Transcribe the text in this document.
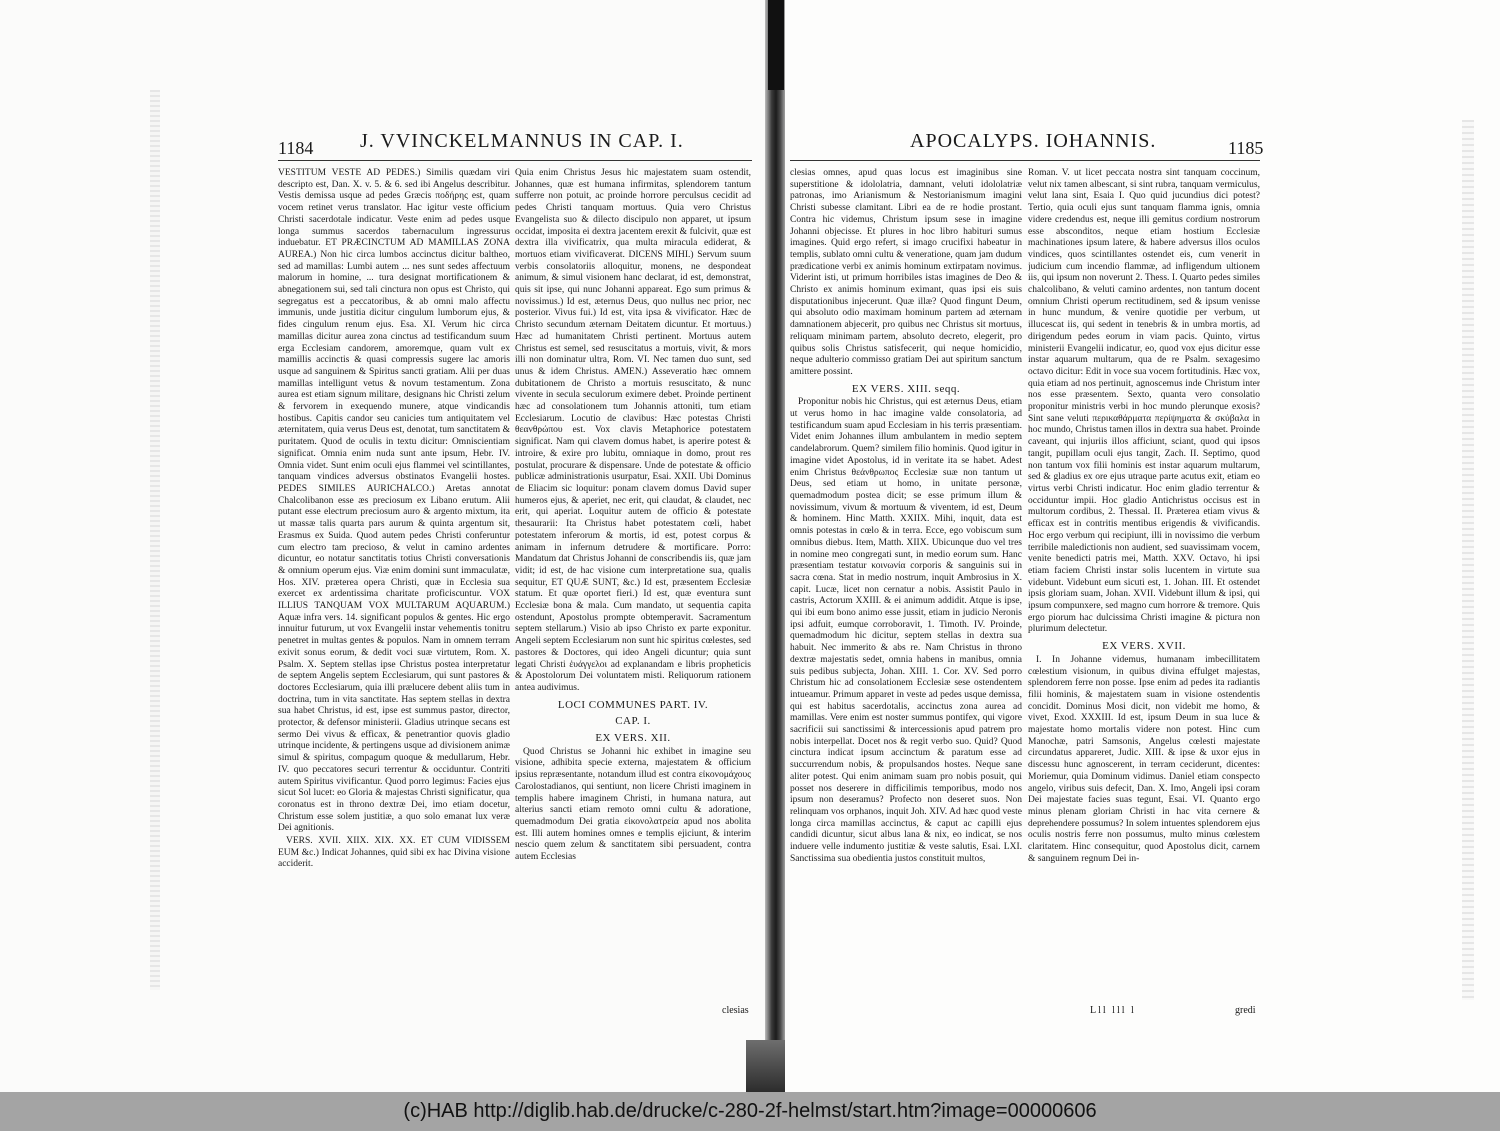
1184 J. VVINCKELMANNUS IN CAP. I.

VESTITUM VESTE AD PEDES.) Similis quædam viri descripto est, Dan. X. v. 5. & 6. sed ibi Angelus describitur. Vestis demissa usque ad pedes Græcis ποδήρης est, quam vocem retinet verus translator. Hac igitur veste officium Christi sacerdotale indicatur. Veste enim ad pedes usque longa summus sacerdos tabernaculum ingressurus induebatur. ET PRÆCINCTUM AD MAMILLAS ZONA AUREA.) Non hic circa lumbos accinctus dicitur baltheo, sed ad mamillas: Lumbi autem ... nes sunt sedes affectuum malorum in homine, ... tura designat mortificationem & abnegationem sui, sed tali cinctura non opus est Christo, qui segregatus est a peccatoribus, & ab omni malo affectu immunis, unde justitia dicitur cingulum lumborum ejus, & fides cingulum renum ejus. Esa. XI. Verum hic circa mamillas dicitur aurea zona cinctus ad testificandum suum erga Ecclesiam candorem, amoremque, quam vult ex mamillis accinctis & quasi compressis sugere lac amoris usque ad sanguinem & Spiritus sancti gratiam. Alii per duas mamillas intelligunt vetus & novum testamentum. Zona aurea est etiam signum militare, designans hic Christi zelum & fervorem in exequendo munere, atque vindicandis hostibus. Capitis candor seu canicies tum antiquitatem vel æternitatem, quia verus Deus est, denotat, tum sanctitatem & puritatem. Quod de oculis in textu dicitur: Omniscientiam significat. Omnia enim nuda sunt ante ipsum, Hebr. IV. Omnia videt. Sunt enim oculi ejus flammei vel scintillantes, tanquam vindices adversus obstinatos Evangelii hostes. PEDES SIMILES AURICHALCO.) Aretas annotat Chalcolibanon esse æs preciosum ex Libano erutum. Alii putant esse electrum preciosum auro & argento mixtum, ita ut massæ talis quarta pars aurum & quinta argentum sit, Erasmus ex Suida. Quod autem pedes Christi conferuntur cum electro tam precioso, & velut in camino ardentes dicuntur, eo notatur sanctitatis totius Christi conversationis & omnium operum ejus. Viæ enim domini sunt immaculatæ, Hos. XIV. præterea opera Christi, quæ in Ecclesia sua exercet ex ardentissima charitate proficiscuntur. VOX ILLIUS TANQUAM VOX MULTARUM AQUARUM.) Aquæ infra vers. 14. significant populos & gentes. Hic ergo innuitur futurum, ut vox Evangelii instar vehementis tonitru penetret in multas gentes & populos. Nam in omnem terram exivit sonus eorum, & dedit voci suæ virtutem, Rom. X. Psalm. X. Septem stellas ipse Christus postea interpretatur de septem Angelis septem Ecclesiarum, qui sunt pastores & doctores Ecclesiarum, quia illi prælucere debent aliis tum in doctrina, tum in vita sanctitate. Has septem stellas in dextra sua habet Christus, id est, ipse est summus pastor, director, protector, & defensor ministerii. Gladius utrinque secans est sermo Dei vivus & efficax, & penetrantior quovis gladio utrinque incidente, & pertingens usque ad divisionem animæ simul & spiritus, compagum quoque & medullarum, Hebr. IV. quo peccatores securi terrentur & occiduntur. Contriti autem Spiritus vivificantur. Quod porro legimus: Facies ejus sicut Sol lucet: eo Gloria & majestas Christi significatur, qua coronatus est in throno dextræ Dei, imo etiam docetur, Christum esse solem justitiæ, a quo solo emanat lux veræ Dei agnitionis.

VERS. XVII. XIIX. XIX. XX. ET CUM VIDISSEM EUM &c.) Indicat Johannes, quid sibi ex hac Divina visione acciderit.

Quia enim Christus Jesus hic majestatem suam ostendit, Johannes, quæ est humana infirmitas, splendorem tantum sufferre non potuit, ac proinde horrore perculsus cecidit ad pedes Christi tanquam mortuus. Quia vero Christus Evangelista suo & dilecto discipulo non apparet, ut ipsum occidat, imposita ei dextra jacentem erexit & fulcivit, quæ est dextra illa vivificatrix, qua multa miracula ediderat, & mortuos etiam vivificaverat. DICENS MIHI.) Servum suum verbis consolatoriis alloquitur, monens, ne despondeat animum, & simul visionem hanc declarat, id est, demonstrat, quis sit ipse, qui nunc Johanni appareat. Ego sum primus & novissimus.) Id est, æternus Deus, quo nullus nec prior, nec posterior. Vivus fui.) Id est, vita ipsa & vivificator. Hæc de Christo secundum æternam Deitatem dicuntur. Et mortuus.) Hæc ad humanitatem Christi pertinent. Mortuus autem Christus est semel, sed resuscitatus a mortuis, vivit, & mors illi non dominatur ultra, Rom. VI. Nec tamen duo sunt, sed unus & idem Christus. AMEN.) Asseveratio hæc omnem dubitationem de Christo a mortuis resuscitato, & nunc vivente in secula seculorum eximere debet. Proinde pertinent hæc ad consolationem tum Johannis attoniti, tum etiam Ecclesiarum. Locutio de clavibus: Hæc potestas Christi θεανθρώπου est. Vox clavis Metaphorice potestatem significat. Nam qui clavem domus habet, is aperire potest & introire, & exire pro lubitu, omniaque in domo, prout res postulat, procurare & dispensare. Unde de potestate & officio publicæ administrationis usurpatur, Esai. XXII. Ubi Dominus de Eliacim sic loquitur: ponam clavem domus David super humeros ejus, & aperiet, nec erit, qui claudat, & claudet, nec erit, qui aperiat. Loquitur autem de officio & potestate thesaurarii: Ita Christus habet potestatem cœli, habet potestatem inferorum & mortis, id est, potest corpus & animam in infernum detrudere & mortificare. Porro: Mandatum dat Christus Johanni de conscribendis iis, quæ jam vidit; id est, de hac visione cum interpretatione sua, qualis sequitur, ET QUÆ SUNT, &c.) Id est, præsentem Ecclesiæ statum. Et quæ oportet fieri.) Id est, quæ eventura sunt Ecclesiæ bona & mala. Cum mandato, ut sequentia capita ostendunt, Apostolus prompte obtemperavit. Sacramentum septem stellarum.) Visio ab ipso Christo ex parte exponitur. Angeli septem Ecclesiarum non sunt hic spiritus cœlestes, sed pastores & Doctores, qui ideo Angeli dicuntur; quia sunt legati Christi ἐυάγγελοι ad explanandam e libris propheticis & Apostolorum Dei voluntatem misti. Reliquorum rationem antea audivimus.

LOCI COMMUNES PART. IV.
CAP. I.
EX VERS. XII.

Quod Christus se Johanni hic exhibet in imagine seu visione, adhibita specie externa, majestatem & officium ipsius repræsentante, notandum illud est contra εἰκονομάχους Carolostadianos, qui sentiunt, non licere Christi imaginem in templis habere imaginem Christi, in humana natura, aut alterius sancti etiam remoto omni cultu & adoratione, quemadmodum Dei gratia εἰκονολατρεία apud nos abolita est. Illi autem homines omnes e templis ejiciunt, & interim nescio quem zelum & sanctitatem sibi persuadent, contra autem Ecclesias

clesias
APOCALYPS. IOHANNIS.	1185

clesias omnes, apud quas locus est imaginibus sine superstitione & idololatria, damnant, veluti idololatriæ patronas, imo Arianismum & Nestorianismum imagini Christi subesse clamitant. Libri ea de re hodie prostant. Contra hic videmus, Christum ipsum sese in imagine Johanni objecisse. Et plures in hoc libro habituri sumus imagines. Quid ergo refert, si imago crucifixi habeatur in templis, sublato omni cultu & veneratione, quam jam dudum prædicatione verbi ex animis hominum extirpatam novimus. Viderint isti, ut primum horribiles istas imagines de Deo & Christo ex animis hominum eximant, quas ipsi eis suis disputationibus injecerunt. Quæ illæ? Quod fingunt Deum, qui absoluto odio maximam hominum partem ad æternam damnationem abjecerit, pro quibus nec Christus sit mortuus, reliquam minimam partem, absoluto decreto, elegerit, pro quibus solis Christus satisfecerit, qui neque homicidio, neque adulterio commisso gratiam Dei aut spiritum sanctum amittere possint.

EX VERS. XIII. seqq.

Proponitur nobis hic Christus, qui est æternus Deus, etiam ut verus homo in hac imagine valde consolatoria, ad testificandum suam apud Ecclesiam in his terris præsentiam. Videt enim Johannes illum ambulantem in medio septem candelabrorum. Quem? similem filio hominis. Quod igitur in imagine videt Apostolus, id in veritate ita se habet. Adest enim Christus θεάνθρωπος Ecclesiæ suæ non tantum ut Deus, sed etiam ut homo, in unitate personæ, quemadmodum postea dicit; se esse primum illum & novissimum, vivum & mortuum & viventem, id est, Deum & hominem. Hinc Matth. XXIIX. Mihi, inquit, data est omnis potestas in cœlo & in terra. Ecce, ego vobiscum sum omnibus diebus. Item, Matth. XIIX. Ubicunque duo vel tres in nomine meo congregati sunt, in medio eorum sum. Hanc præsentiam testatur κοινωνία corporis & sanguinis sui in sacra cœna. Stat in medio nostrum, inquit Ambrosius in X. capit. Lucæ, licet non cernatur a nobis. Assistit Paulo in castris, Actorum XXIII. & ei animum addidit. Atque is ipse, qui ibi eum bono animo esse jussit, etiam in judicio Neronis ipsi adfuit, eumque corroboravit, 1. Timoth. IV. Proinde, quemadmodum hic dicitur, septem stellas in dextra sua habuit. Nec immerito & abs re. Nam Christus in throno dextræ majestatis sedet, omnia habens in manibus, omnia suis pedibus subjecta, Johan. XIII. 1. Cor. XV. Sed porro Christum hic ad consolationem Ecclesiæ sese ostendentem intueamur. Primum apparet in veste ad pedes usque demissa, qui est habitus sacerdotalis, accinctus zona aurea ad mamillas. Vere enim est noster summus pontifex, qui vigore sacrificii sui sanctissimi & intercessionis apud patrem pro nobis interpellat. Docet nos & regit verbo suo. Quid? Quod cinctura indicat ipsum accinctum & paratum esse ad succurrendum nobis, & propulsandos hostes. Neque sane aliter potest. Qui enim animam suam pro nobis posuit, qui posset nos deserere in difficilimis temporibus, modo nos ipsum non deseramus? Profecto non deseret suos. Non relinquam vos orphanos, inquit Joh. XIV. Ad hæc quod veste longa circa mamillas accinctus, & caput ac capilli ejus candidi dicuntur, sicut albus lana & nix, eo indicat, se nos induere velle indumento justitiæ & veste salutis, Esai. LXI. Sanctissima sua obedientia justos constituit multos,

Roman. V. ut licet peccata nostra sint tanquam coccinum, velut nix tamen albescant, si sint rubra, tanquam vermiculus, velut lana sint, Esaia I. Quo quid jucundius dici potest? Tertio, quia oculi ejus sunt tanquam flamma ignis, omnia videre credendus est, neque illi gemitus cordium nostrorum esse absconditos, neque etiam hostium Ecclesiæ machinationes ipsum latere, & habere adversus illos oculos vindices, quos scintillantes ostendet eis, cum venerit in judicium cum incendio flammæ, ad infligendum ultionem iis, qui ipsum non noverunt 2. Thess. I. Quarto pedes similes chalcolibano, & veluti camino ardentes, non tantum docent omnium Christi operum rectitudinem, sed & ipsum venisse in hunc mundum, & venire quotidie per verbum, ut illucescat iis, qui sedent in tenebris & in umbra mortis, ad dirigendum pedes eorum in viam pacis. Quinto, virtus ministerii Evangelii indicatur, eo, quod vox ejus dicitur esse instar aquarum multarum, qua de re Psalm. sexagesimo octavo dicitur: Edit in voce sua vocem fortitudinis. Hæc vox, quia etiam ad nos pertinuit, agnoscemus inde Christum inter nos esse præsentem. Sexto, quanta vero consolatio proponitur ministris verbi in hoc mundo plerunque exosis? Sint sane veluti περικαθάρματα περίψηματα & σκύβαλα in hoc mundo, Christus tamen illos in dextra sua habet. Proinde caveant, qui injuriis illos afficiunt, sciant, quod qui ipsos tangit, pupillam oculi ejus tangit, Zach. II. Septimo, quod non tantum vox filii hominis est instar aquarum multarum, sed & gladius ex ore ejus utraque parte acutus exit, etiam eo virtus verbi Christi indicatur. Hoc enim gladio terrentur & occiduntur impii. Hoc gladio Antichristus occisus est in multorum cordibus, 2. Thessal. II. Præterea etiam vivus & efficax est in contritis mentibus erigendis & vivificandis. Hoc ergo verbum qui recipiunt, illi in novissimo die verbum terribile maledictionis non audient, sed suavissimam vocem, venite benedicti patris mei, Matth. XXV. Octavo, hi ipsi etiam faciem Christi instar solis lucentem in virtute sua videbunt. Videbunt eum sicuti est, 1. Johan. III. Et ostendet ipsis gloriam suam, Johan. XVII. Videbunt illum & ipsi, qui ipsum compunxere, sed magno cum horrore & tremore. Quis ergo piorum hac dulcissima Christi imagine & pictura non plurimum delectetur.

EX VERS. XVII.

I. In Johanne videmus, humanam imbecillitatem cœlestium visionum, in quibus divina effulget majestas, splendorem ferre non posse. Ipse enim ad pedes ita radiantis filii hominis, & majestatem suam in visione ostendentis concidit. Dominus Mosi dicit, non videbit me homo, & vivet, Exod. XXXIII. Id est, ipsum Deum in sua luce & majestate homo mortalis videre non potest. Hinc cum Manochæ, patri Samsonis, Angelus cœlesti majestate circundatus appareret, Judic. XIII. & ipse & uxor ejus in discessu hunc agnoscerent, in terram ceciderunt, dicentes: Moriemur, quia Dominum vidimus. Daniel etiam conspecto angelo, viribus suis defecit, Dan. X. Imo, Angeli ipsi coram Dei majestate facies suas tegunt, Esai. VI. Quanto ergo minus plenam gloriam Christi in hac vita cernere & deprehendere possumus? In solem intuentes splendorem ejus oculis nostris ferre non possumus, multo minus cœlestem claritatem. Hinc consequitur, quod Apostolus dicit, carnem & sanguinem regnum Dei in-

Lll lll l	gredi
(c)HAB http://diglib.hab.de/drucke/c-280-2f-helmst/start.htm?image=00000606
